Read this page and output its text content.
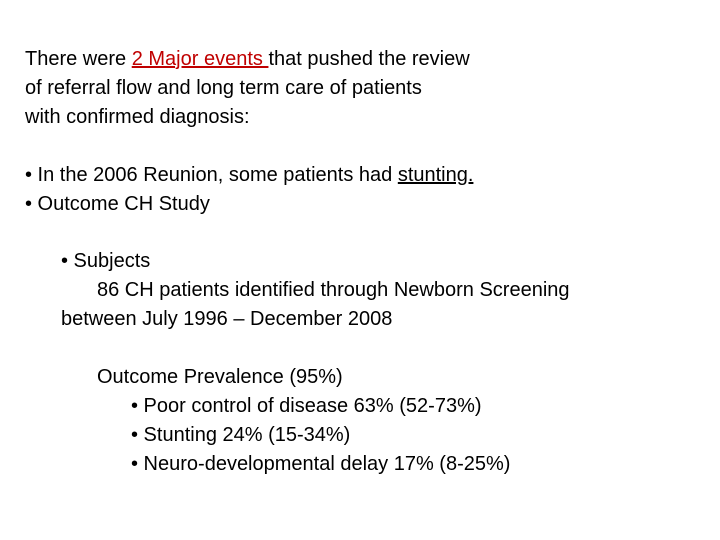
There were 2 Major events that pushed the review
of referral flow and long term care of patients
with confirmed diagnosis:
• In the 2006 Reunion, some patients had stunting.
• Outcome CH Study
• Subjects
86 CH patients identified through Newborn Screening
between July 1996 – December 2008
Outcome Prevalence (95%)
• Poor control of disease 63% (52-73%)
• Stunting 24% (15-34%)
• Neuro-developmental delay 17% (8-25%)
